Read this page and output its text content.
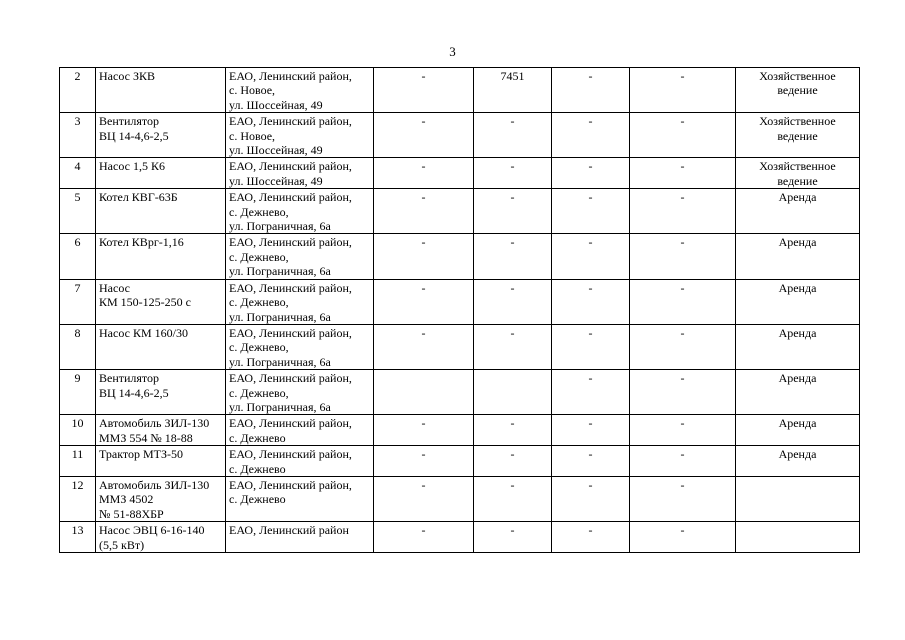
3
2	Насос ЗКВ	ЕАО, Ленинский район,
с. Новое,
ул. Шоссейная, 49	-	7451	-	-	Хозяйственное
ведение

3	Вентилятор
ВЦ 14-4,6-2,5	ЕАО, Ленинский район,
с. Новое,
ул. Шоссейная, 49	-	-	-	-	Хозяйственное
ведение

4	Насос 1,5 К6	ЕАО, Ленинский район,
ул. Шоссейная, 49	-	-	-	-	Хозяйственное
ведение

5	Котел КВГ-63Б	ЕАО, Ленинский район,
с. Дежнево,
ул. Пограничная, 6а	-	-	-	-	Аренда

6	Котел КВрг-1,16	ЕАО, Ленинский район,
с. Дежнево,
ул. Пограничная, 6а	-	-	-	-	Аренда

7	Насос
КМ 150-125-250 с	ЕАО, Ленинский район,
с. Дежнево,
ул. Пограничная, 6а	-	-	-	-	Аренда

8	Насос КМ 160/30	ЕАО, Ленинский район,
с. Дежнево,
ул. Пограничная, 6а	-	-	-	-	Аренда

9	Вентилятор
ВЦ 14-4,6-2,5	ЕАО, Ленинский район,
с. Дежнево,
ул. Пограничная, 6а			-	-	Аренда

10	Автомобиль ЗИЛ-130
ММЗ 554 № 18-88	ЕАО, Ленинский район,
с. Дежнево	-	-	-	-	Аренда

11	Трактор МТЗ-50	ЕАО, Ленинский район,
с. Дежнево	-	-	-	-	Аренда

12	Автомобиль ЗИЛ-130
ММЗ 4502
№ 51-88ХБР	ЕАО, Ленинский район,
с. Дежнево	-	-	-	-	
13	Насос ЭВЦ 6-16-140
(5,5 кВт)	ЕАО, Ленинский район	-	-	-	-	
